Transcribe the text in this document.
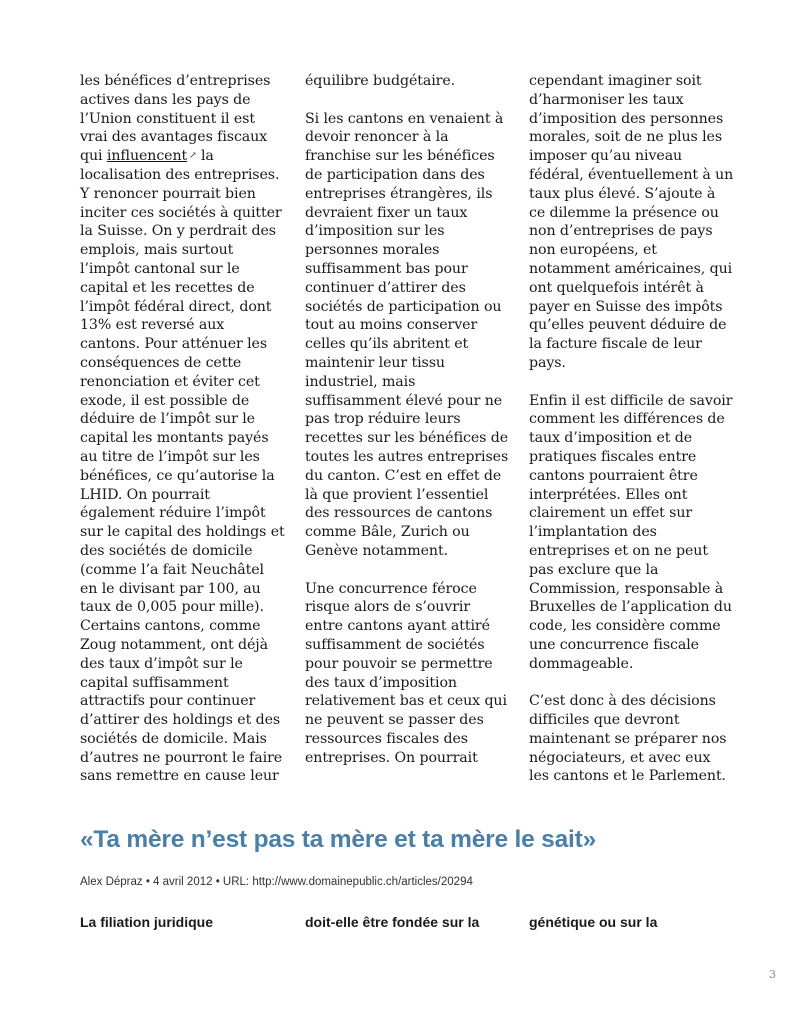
les bénéfices d’entreprises actives dans les pays de l’Union constituent il est vrai des avantages fiscaux qui influencent ↗ la localisation des entreprises. Y renoncer pourrait bien inciter ces sociétés à quitter la Suisse. On y perdrait des emplois, mais surtout l’impôt cantonal sur le capital et les recettes de l’impôt fédéral direct, dont 13% est reversé aux cantons. Pour atténuer les conséquences de cette renonciation et éviter cet exode, il est possible de déduire de l’impôt sur le capital les montants payés au titre de l’impôt sur les bénéfices, ce qu’autorise la LHID. On pourrait également réduire l’impôt sur le capital des holdings et des sociétés de domicile (comme l’a fait Neuchâtel en le divisant par 100, au taux de 0,005 pour mille). Certains cantons, comme Zoug notamment, ont déjà des taux d’impôt sur le capital suffisamment attractifs pour continuer d’attirer des holdings et des sociétés de domicile. Mais d’autres ne pourront le faire sans remettre en cause leur

équilibre budgétaire.

Si les cantons en venaient à devoir renoncer à la franchise sur les bénéfices de participation dans des entreprises étrangères, ils devraient fixer un taux d’imposition sur les personnes morales suffisamment bas pour continuer d’attirer des sociétés de participation ou tout au moins conserver celles qu’ils abritent et maintenir leur tissu industriel, mais suffisamment élevé pour ne pas trop réduire leurs recettes sur les bénéfices de toutes les autres entreprises du canton. C’est en effet de là que provient l’essentiel des ressources de cantons comme Bâle, Zurich ou Genève notamment.

Une concurrence féroce risque alors de s’ouvrir entre cantons ayant attiré suffisamment de sociétés pour pouvoir se permettre des taux d’imposition relativement bas et ceux qui ne peuvent se passer des ressources fiscales des entreprises. On pourrait

cependant imaginer soit d’harmoniser les taux d’imposition des personnes morales, soit de ne plus les imposer qu’au niveau fédéral, éventuellement à un taux plus élevé. S’ajoute à ce dilemme la présence ou non d’entreprises de pays non européens, et notamment américaines, qui ont quelquefois intérêt à payer en Suisse des impôts qu’elles peuvent déduire de la facture fiscale de leur pays.

Enfin il est difficile de savoir comment les différences de taux d’imposition et de pratiques fiscales entre cantons pourraient être interprétées. Elles ont clairement un effet sur l’implantation des entreprises et on ne peut pas exclure que la Commission, responsable à Bruxelles de l’application du code, les considère comme une concurrence fiscale dommageable.

C’est donc à des décisions difficiles que devront maintenant se préparer nos négociateurs, et avec eux les cantons et le Parlement.

«Ta mère n’est pas ta mère et ta mère le sait»
Alex Dépraz • 4 avril 2012 • URL: http://www.domainepublic.ch/articles/20294
La filiation juridique	doit-elle être fondée sur la	génétique ou sur la
3
